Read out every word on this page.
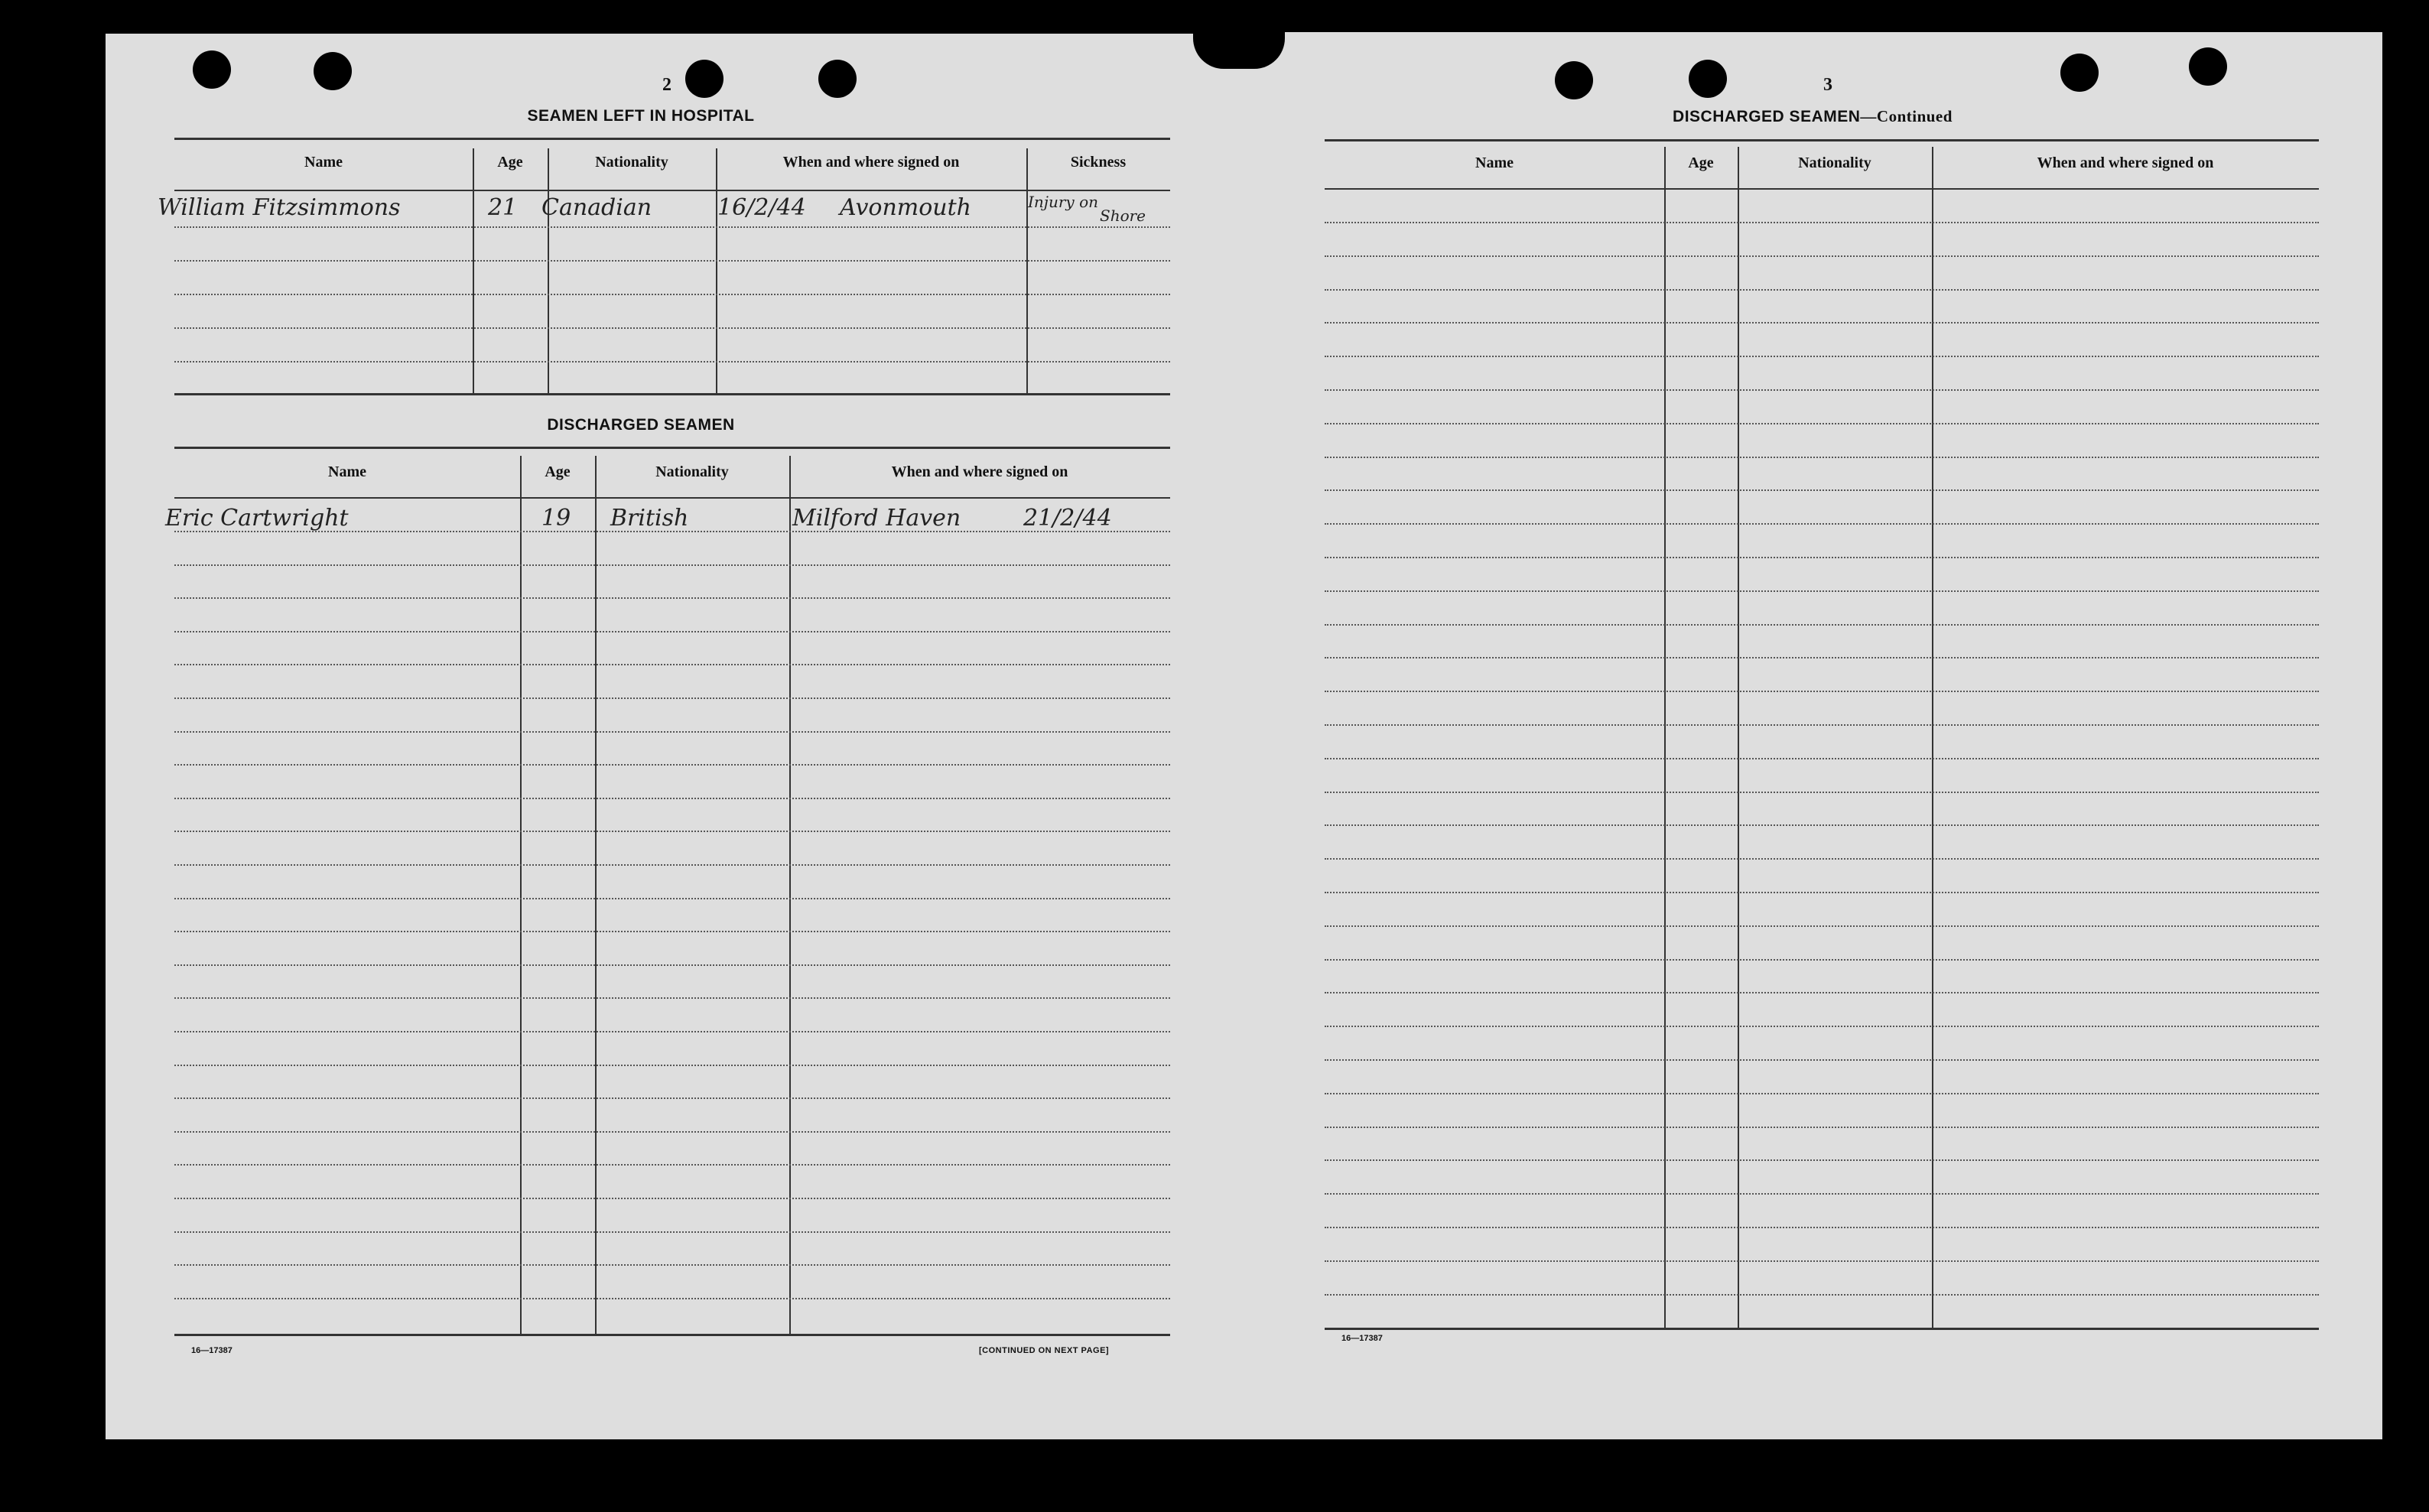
2
SEAMEN LEFT IN HOSPITAL
Name	Age	Nationality	When and where signed on	Sickness
William Fitzsimmons	21 Canadian	16/2/44 Avonmouth	Injury on
Shore
DISCHARGED SEAMEN
Name	Age	Nationality	When and where signed on
Eric Cartwright	19 British	Milford Haven	21/2/44
16—17387	[CONTINUED ON NEXT PAGE]
3
DISCHARGED SEAMEN—Continued
Name	Age	Nationality	When and where signed on
16—17387
